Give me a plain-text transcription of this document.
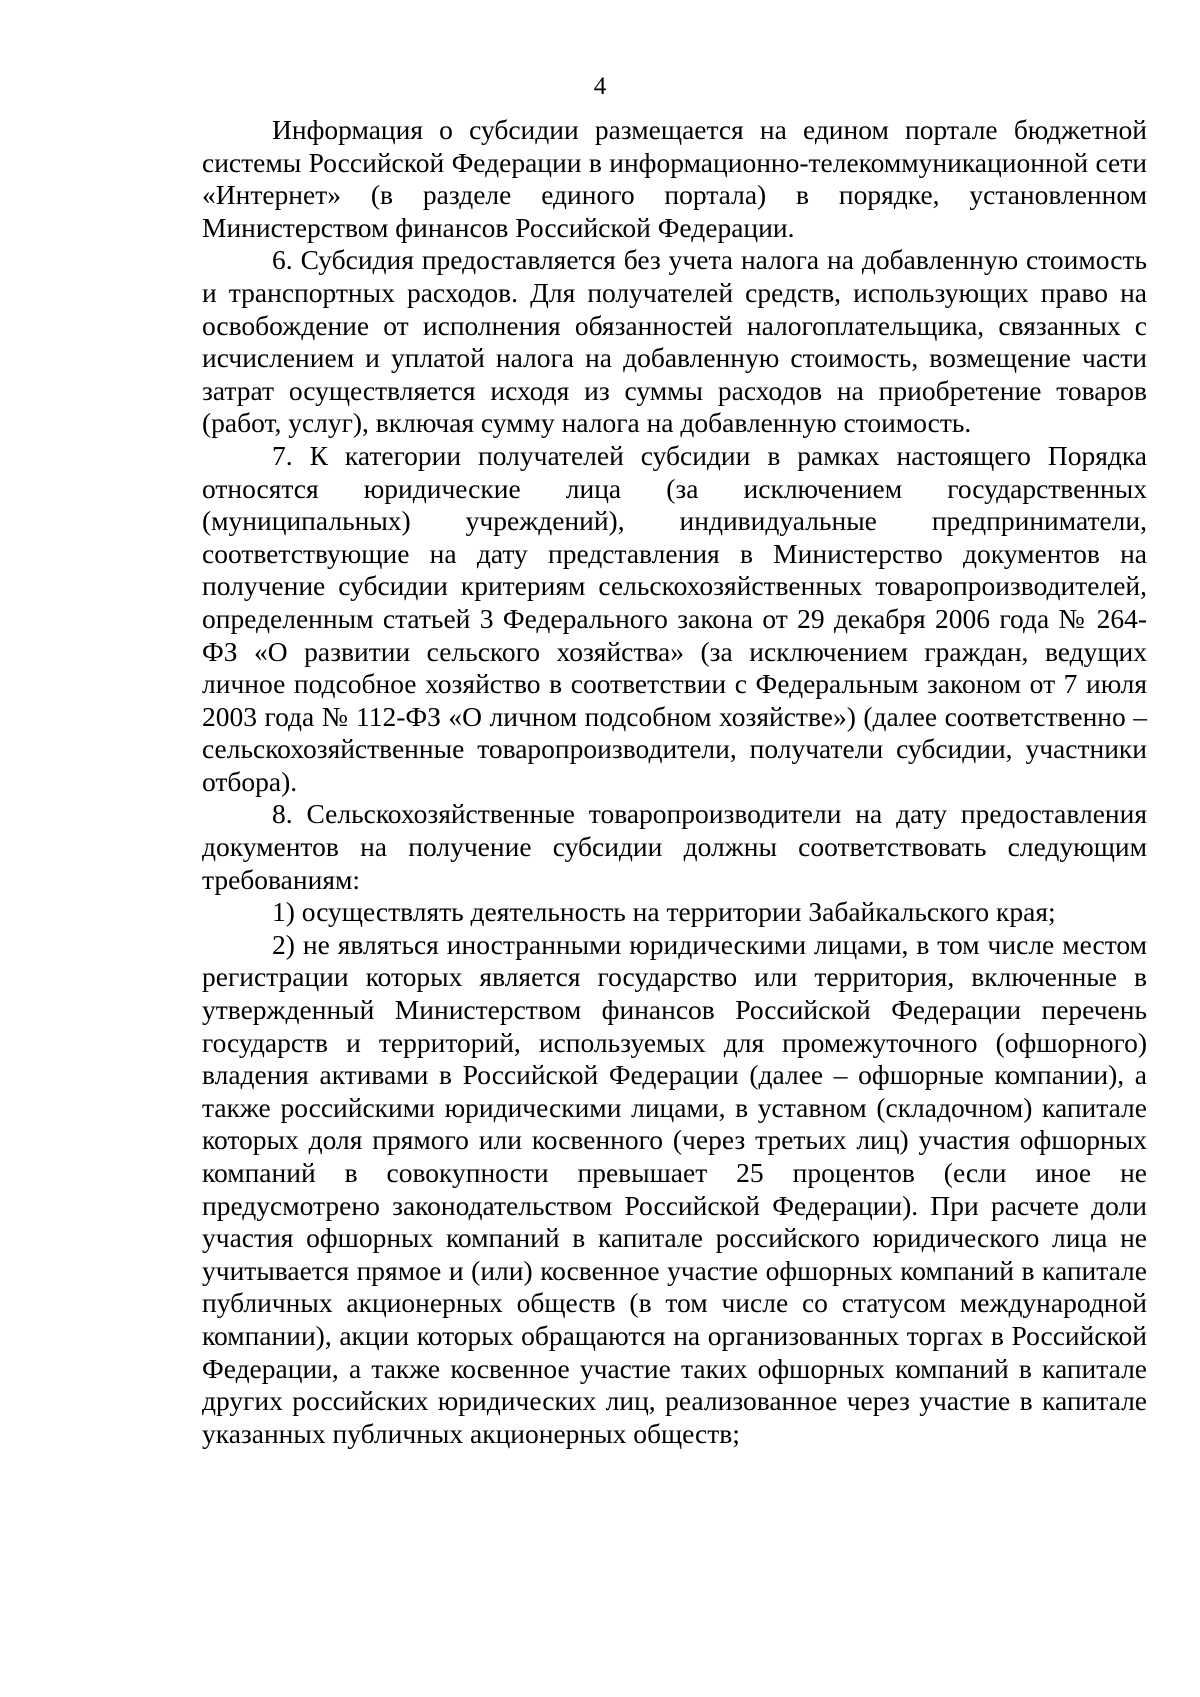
4

Информация о субсидии размещается на едином портале бюджетной системы Российской Федерации в информационно-телекоммуникационной сети «Интернет» (в разделе единого портала) в порядке, установленном Министерством финансов Российской Федерации.

6. Субсидия предоставляется без учета налога на добавленную стоимость и транспортных расходов. Для получателей средств, использующих право на освобождение от исполнения обязанностей налогоплательщика, связанных с исчислением и уплатой налога на добавленную стоимость, возмещение части затрат осуществляется исходя из суммы расходов на приобретение товаров (работ, услуг), включая сумму налога на добавленную стоимость.

7. К категории получателей субсидии в рамках настоящего Порядка относятся юридические лица (за исключением государственных (муниципальных) учреждений), индивидуальные предприниматели, соответствующие на дату представления в Министерство документов на получение субсидии критериям сельскохозяйственных товаропроизводителей, определенным статьей 3 Федерального закона от 29 декабря 2006 года № 264-ФЗ «О развитии сельского хозяйства» (за исключением граждан, ведущих личное подсобное хозяйство в соответствии с Федеральным законом от 7 июля 2003 года № 112-ФЗ «О личном подсобном хозяйстве») (далее соответственно – сельскохозяйственные товаропроизводители, получатели субсидии, участники отбора).

8. Сельскохозяйственные товаропроизводители на дату предоставления документов на получение субсидии должны соответствовать следующим требованиям:

1) осуществлять деятельность на территории Забайкальского края;

2) не являться иностранными юридическими лицами, в том числе местом регистрации которых является государство или территория, включенные в утвержденный Министерством финансов Российской Федерации перечень государств и территорий, используемых для промежуточного (офшорного) владения активами в Российской Федерации (далее – офшорные компании), а также российскими юридическими лицами, в уставном (складочном) капитале которых доля прямого или косвенного (через третьих лиц) участия офшорных компаний в совокупности превышает 25 процентов (если иное не предусмотрено законодательством Российской Федерации). При расчете доли участия офшорных компаний в капитале российского юридического лица не учитывается прямое и (или) косвенное участие офшорных компаний в капитале публичных акционерных обществ (в том числе со статусом международной компании), акции которых обращаются на организованных торгах в Российской Федерации, а также косвенное участие таких офшорных компаний в капитале других российских юридических лиц, реализованное через участие в капитале указанных публичных акционерных обществ;
